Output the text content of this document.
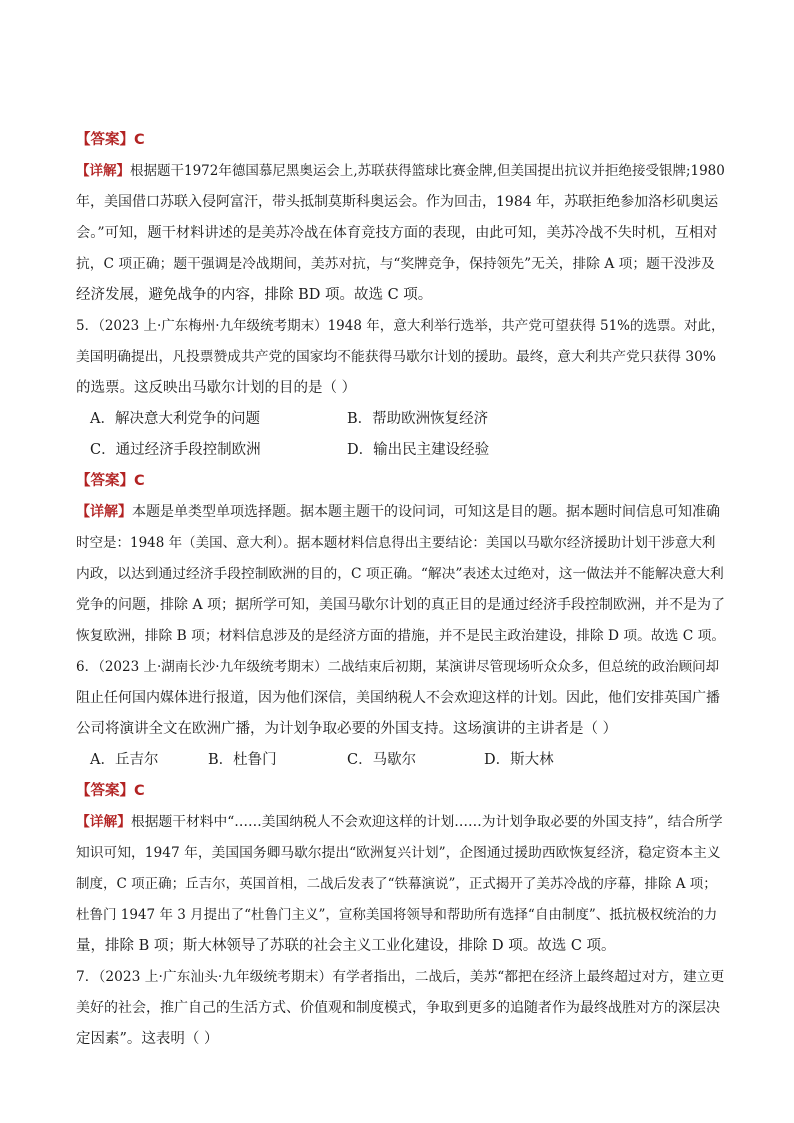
【答案】C
【详解】根据题干1972年德国慕尼黑奥运会上,苏联获得篮球比赛金牌,但美国提出抗议并拒绝接受银牌;1980
年，美国借口苏联入侵阿富汗，带头抵制莫斯科奥运会。作为回击，1984 年，苏联拒绝参加洛杉矶奥运
会。”可知，题干材料讲述的是美苏冷战在体育竞技方面的表现，由此可知，美苏冷战不失时机，互相对
抗，C 项正确；题干强调是冷战期间，美苏对抗，与“奖牌竞争，保持领先”无关，排除 A 项；题干没涉及
经济发展，避免战争的内容，排除 BD 项。故选 C 项。
5．（2023 上·广东梅州·九年级统考期末）1948 年，意大利举行选举，共产党可望获得 51%的选票。对此，
美国明确提出，凡投票赞成共产党的国家均不能获得马歇尔计划的援助。最终，意大利共产党只获得 30%
的选票。这反映出马歇尔计划的目的是（ ）
A．解决意大利党争的问题	B．帮助欧洲恢复经济
C．通过经济手段控制欧洲	D．输出民主建设经验
【答案】C
【详解】本题是单类型单项选择题。据本题主题干的设问词，可知这是目的题。据本题时间信息可知准确
时空是：1948 年（美国、意大利）。据本题材料信息得出主要结论：美国以马歇尔经济援助计划干涉意大利
内政，以达到通过经济手段控制欧洲的目的，C 项正确。“解决”表述太过绝对，这一做法并不能解决意大利
党争的问题，排除 A 项；据所学可知，美国马歇尔计划的真正目的是通过经济手段控制欧洲，并不是为了
恢复欧洲，排除 B 项；材料信息涉及的是经济方面的措施，并不是民主政治建设，排除 D 项。故选 C 项。
6．（2023 上·湖南长沙·九年级统考期末）二战结束后初期，某演讲尽管现场听众众多，但总统的政治顾问却
阻止任何国内媒体进行报道，因为他们深信，美国纳税人不会欢迎这样的计划。因此，他们安排英国广播
公司将演讲全文在欧洲广播，为计划争取必要的外国支持。这场演讲的主讲者是（ ）
A．丘吉尔	B．杜鲁门	C．马歇尔	D．斯大林
【答案】C
【详解】根据题干材料中“……美国纳税人不会欢迎这样的计划……为计划争取必要的外国支持”，结合所学
知识可知，1947 年，美国国务卿马歇尔提出“欧洲复兴计划”，企图通过援助西欧恢复经济，稳定资本主义
制度，C 项正确；丘吉尔，英国首相，二战后发表了“铁幕演说”，正式揭开了美苏冷战的序幕，排除 A 项；
杜鲁门 1947 年 3 月提出了“杜鲁门主义”，宣称美国将领导和帮助所有选择“自由制度”、抵抗极权统治的力
量，排除 B 项；斯大林领导了苏联的社会主义工业化建设，排除 D 项。故选 C 项。
7．（2023 上·广东汕头·九年级统考期末）有学者指出，二战后，美苏“都把在经济上最终超过对方，建立更
美好的社会，推广自己的生活方式、价值观和制度模式，争取到更多的追随者作为最终战胜对方的深层决
定因素”。这表明（ ）
